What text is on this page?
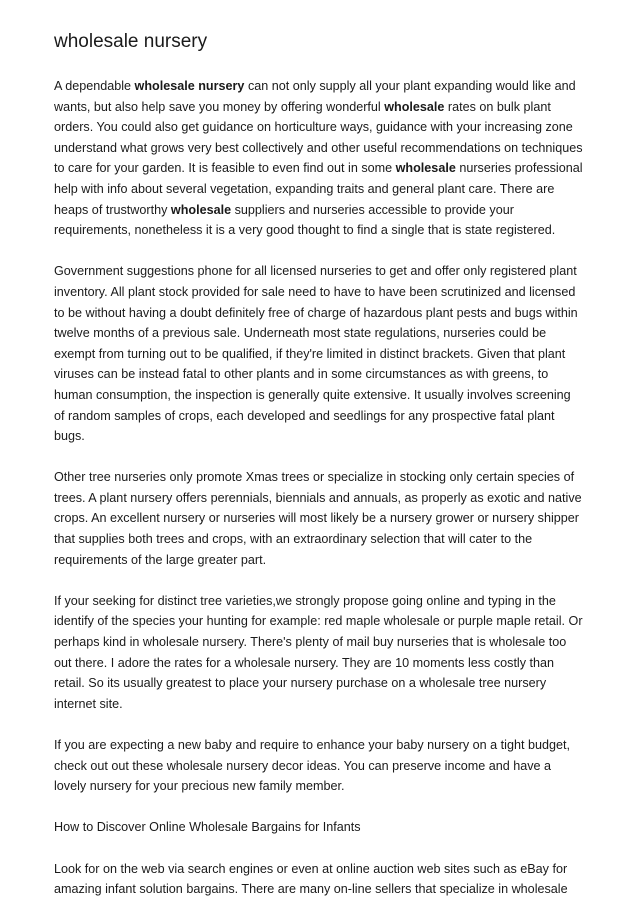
wholesale nursery

A dependable wholesale nursery can not only supply all your plant expanding would like and wants, but also help save you money by offering wonderful wholesale rates on bulk plant orders. You could also get guidance on horticulture ways, guidance with your increasing zone understand what grows very best collectively and other useful recommendations on techniques to care for your garden. It is feasible to even find out in some wholesale nurseries professional help with info about several vegetation, expanding traits and general plant care. There are heaps of trustworthy wholesale suppliers and nurseries accessible to provide your requirements, nonetheless it is a very good thought to find a single that is state registered.

Government suggestions phone for all licensed nurseries to get and offer only registered plant inventory. All plant stock provided for sale need to have to have been scrutinized and licensed to be without having a doubt definitely free of charge of hazardous plant pests and bugs within twelve months of a previous sale. Underneath most state regulations, nurseries could be exempt from turning out to be qualified, if they're limited in distinct brackets. Given that plant viruses can be instead fatal to other plants and in some circumstances as with greens, to human consumption, the inspection is generally quite extensive. It usually involves screening of random samples of crops, each developed and seedlings for any prospective fatal plant bugs.

Other tree nurseries only promote Xmas trees or specialize in stocking only certain species of trees. A plant nursery offers perennials, biennials and annuals, as properly as exotic and native crops. An excellent nursery or nurseries will most likely be a nursery grower or nursery shipper that supplies both trees and crops, with an extraordinary selection that will cater to the requirements of the large greater part.

If your seeking for distinct tree varieties,we strongly propose going online and typing in the identify of the species your hunting for example: red maple wholesale or purple maple retail. Or perhaps kind in wholesale nursery. There's plenty of mail buy nurseries that is wholesale too out there. I adore the rates for a wholesale nursery. They are 10 moments less costly than retail. So its usually greatest to place your nursery purchase on a wholesale tree nursery internet site.

If you are expecting a new baby and require to enhance your baby nursery on a tight budget, check out out these wholesale nursery decor ideas. You can preserve income and have a lovely nursery for your precious new family member.

How to Discover Online Wholesale Bargains for Infants

Look for on the web via search engines or even at online auction web sites such as eBay for amazing infant solution bargains. There are many on-line sellers that specialize in wholesale
